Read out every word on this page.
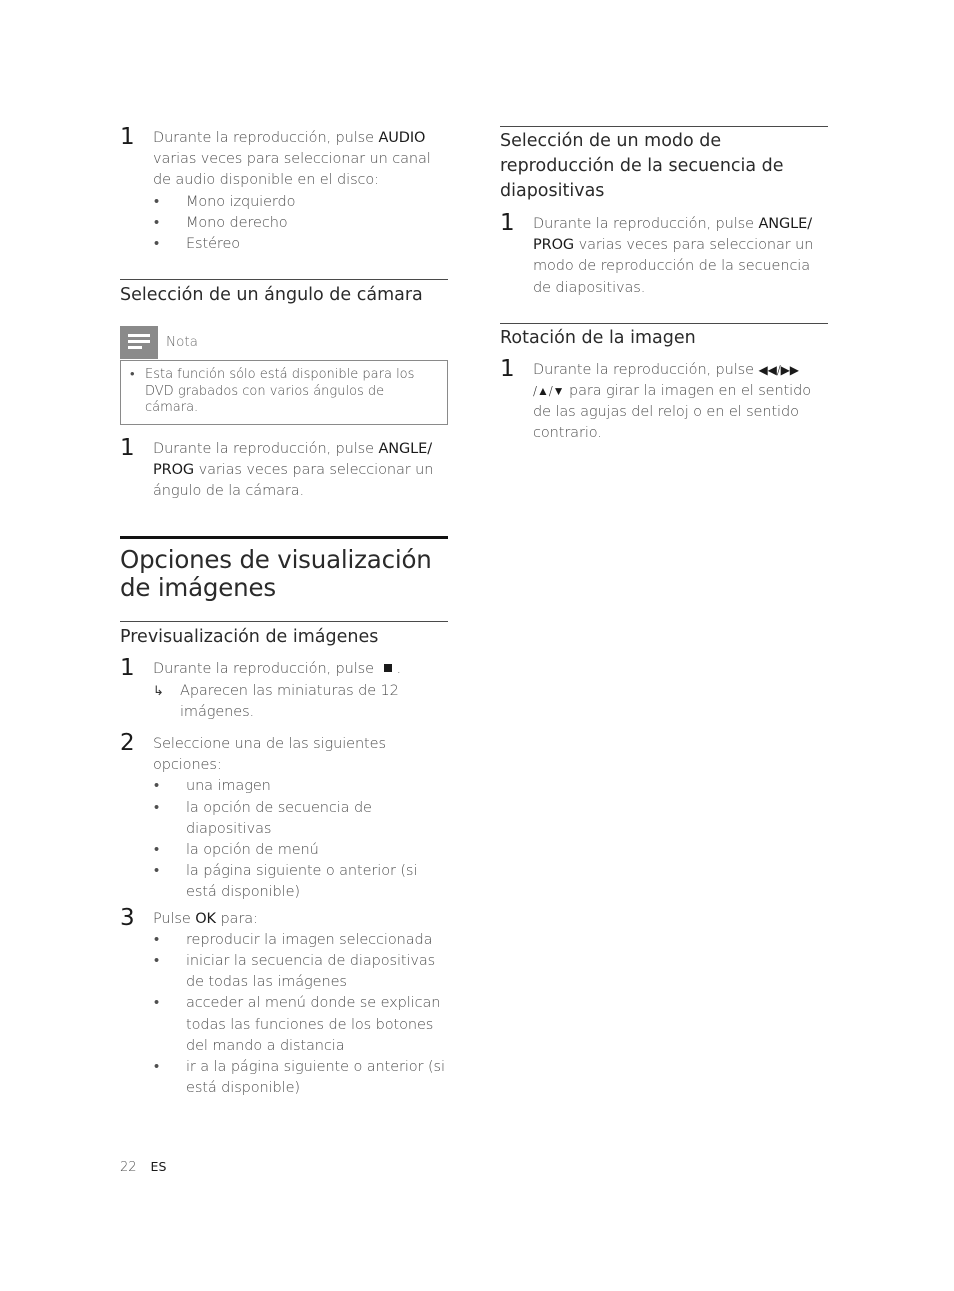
1 Durante la reproducción, pulse AUDIO varias veces para seleccionar un canal de audio disponible en el disco:
• Mono izquierdo
• Mono derecho
• Estéreo
Selección de un ángulo de cámara
Nota
• Esta función sólo está disponible para los DVD grabados con varios ángulos de cámara.
1 Durante la reproducción, pulse ANGLE/ PROG varias veces para seleccionar un ángulo de la cámara.
Opciones de visualización de imágenes
Previsualización de imágenes
1 Durante la reproducción, pulse .
↳ Aparecen las miniaturas de 12 imágenes.
2 Seleccione una de las siguientes opciones:
• una imagen
• la opción de secuencia de diapositivas
• la opción de menú
• la página siguiente o anterior (si está disponible)
3 Pulse OK para:
• reproducir la imagen seleccionada
• iniciar la secuencia de diapositivas de todas las imágenes
• acceder al menú donde se explican todas las funciones de los botones del mando a distancia
• ir a la página siguiente o anterior (si está disponible)
Selección de un modo de reproducción de la secuencia de diapositivas
1 Durante la reproducción, pulse ANGLE/ PROG varias veces para seleccionar un modo de reproducción de la secuencia de diapositivas.
Rotación de la imagen
1 Durante la reproducción, pulse ◀◀/▶▶
/▲/▼ para girar la imagen en el sentido de las agujas del reloj o en el sentido contrario.
22 ES
